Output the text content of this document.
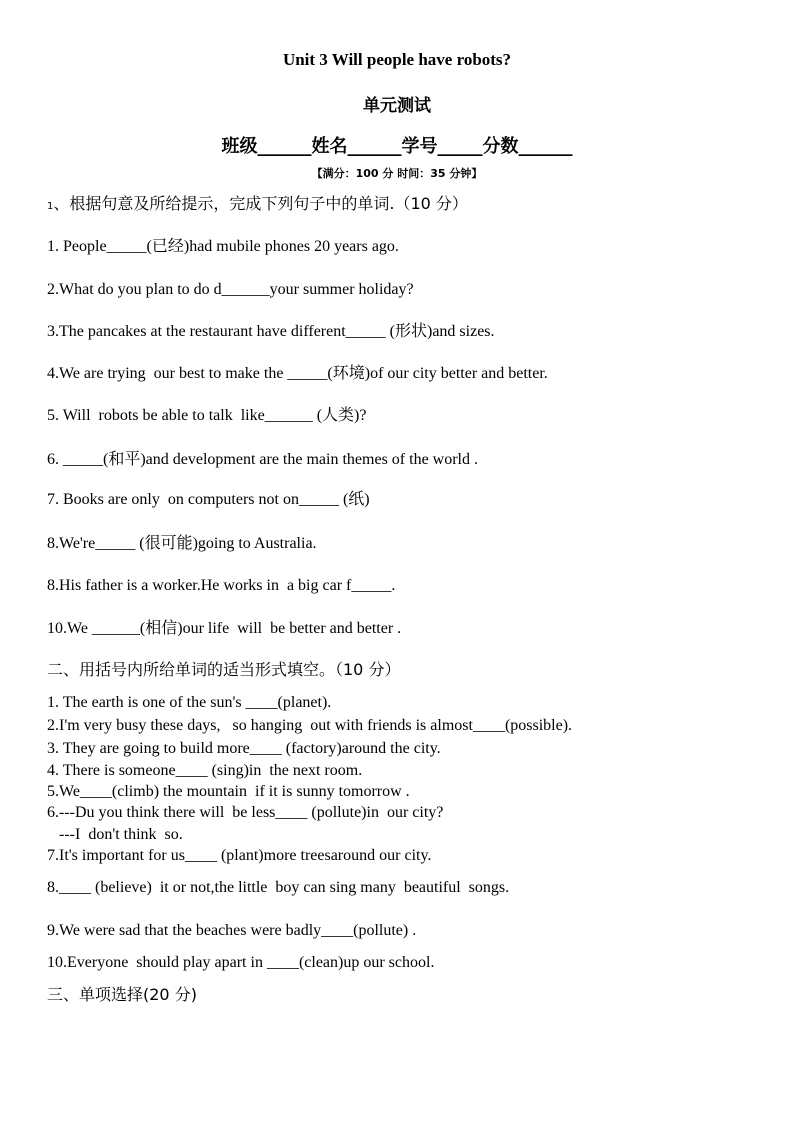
Unit 3 Will people have robots?
单元测试
班级______姓名______学号_____分数______
【满分：100 分 时间：35 分钟】
1、根据句意及所给提示，完成下列句子中的单词.（10 分）
1. People_____(已经)had mubile phones 20 years ago.
2.What do you plan to do d______your summer holiday?
3.The pancakes at the restaurant have different_____ (形状)and sizes.
4.We are trying  our best to make the _____(环境)of our city better and better.
5. Will  robots be able to talk  like______ (人类)?
6. _____(和平)and development are the main themes of the world .
7. Books are only  on computers not on_____ (纸)
8.We're_____ (很可能)going to Australia.
8.His father is a worker.He works in  a big car f_____.
10.We ______(相信)our life  will  be better and better .
二、用括号内所给单词的适当形式填空。（10 分）
1. The earth is one of the sun's ____(planet).
2.I'm very busy these days,   so hanging  out with friends is almost____(possible).
3. They are going to build more____ (factory)around the city.
4. There is someone____ (sing)in  the next room.
5.We____(climb) the mountain  if it is sunny tomorrow .
6.---Du you think there will  be less____ (pollute)in  our city?
---I  don't think  so.
7.It's important for us____ (plant)more treesaround our city.
8.____ (believe)  it or not,the little  boy can sing many  beautiful  songs.
9.We were sad that the beaches were badly____(pollute) .
10.Everyone  should play apart in ____(clean)up our school.
三、单项选择(20 分)
